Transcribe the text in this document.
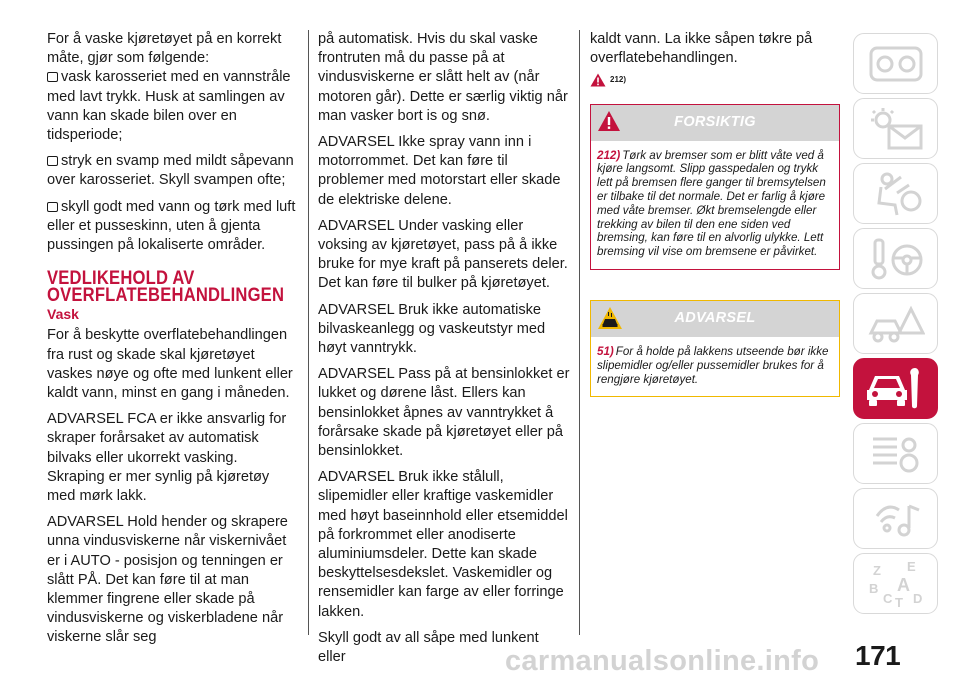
For å vaske kjøretøyet på en korrekt måte, gjør som følgende:

vask karosseriet med en vannstråle med lavt trykk. Husk at samlingen av vann kan skade bilen over en tidsperiode;

stryk en svamp med mildt såpevann over karosseriet. Skyll svampen ofte;

skyll godt med vann og tørk med luft eller et pusseskinn, uten å gjenta pussingen på lokaliserte områder.

VEDLIKEHOLD AV OVERFLATEBEHANDLINGEN
Vask

For å beskytte overflatebehandlingen fra rust og skade skal kjøretøyet vaskes nøye og ofte med lunkent eller kaldt vann, minst en gang i måneden.

ADVARSEL FCA er ikke ansvarlig for skraper forårsaket av automatisk bilvaks eller ukorrekt vasking. Skraping er mer synlig på kjøretøy med mørk lakk.

ADVARSEL Hold hender og skrapere unna vindusviskerne når viskernivået er i AUTO - posisjon og tenningen er slått PÅ. Det kan føre til at man klemmer fingrene eller skade på vindusviskerne og viskerbladene når viskerne slår seg

på automatisk. Hvis du skal vaske frontruten må du passe på at vindusviskerne er slått helt av (når motoren går). Dette er særlig viktig når man vasker bort is og snø.

ADVARSEL Ikke spray vann inn i motorrommet. Det kan føre til problemer med motorstart eller skade de elektriske delene.

ADVARSEL Under vasking eller voksing av kjøretøyet, pass på å ikke bruke for mye kraft på panserets deler. Det kan føre til bulker på kjøretøyet.

ADVARSEL Bruk ikke automatiske bilvaskeanlegg og vaskeutstyr med høyt vanntrykk.

ADVARSEL Pass på at bensinlokket er lukket og dørene låst. Ellers kan bensinlokket åpnes av vanntrykket å forårsake skade på kjøretøyet eller på bensinlokket.

ADVARSEL Bruk ikke stålull, slipemidler eller kraftige vaskemidler med høyt baseinnhold eller etsemiddel på forkrommet eller anodiserte aluminiumsdeler. Dette kan skade beskyttelsesdekslet. Vaskemidler og rensemidler kan farge av eller forringe lakken.

Skyll godt av all såpe med lunkent eller

kaldt vann. La ikke såpen tøkre på overflatebehandlingen.

212)
FORSIKTIG
212) Tørk av bremser som er blitt våte ved å kjøre langsomt. Slipp gasspedalen og trykk lett på bremsen flere ganger til bremsytelsen er tilbake til det normale. Det er farlig å kjøre med våte bremser. Økt bremselengde eller trekking av bilen til den ene siden ved bremsing, kan føre til en alvorlig ulykke. Lett bremsing vil vise om bremsene er påvirket.
ADVARSEL
51) For å holde på lakkens utseende bør ikke slipemidler og/eller pussemidler brukes for å rengjøre kjøretøyet.
Z E
B A
C T D
carmanualsonline.info 171
